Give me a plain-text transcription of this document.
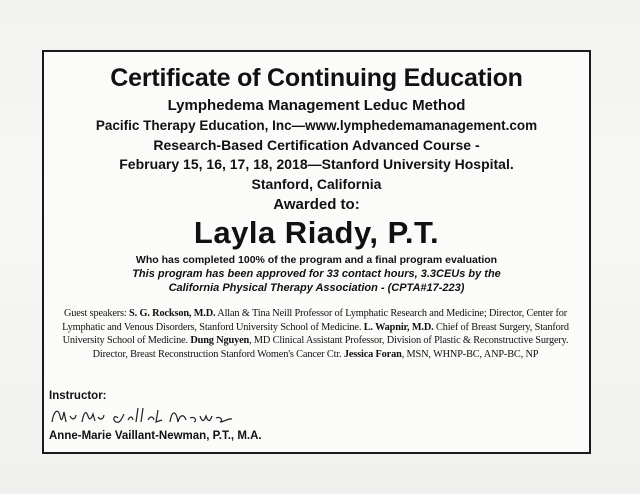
Certificate of Continuing Education
Lymphedema Management Leduc Method
Pacific Therapy Education, Inc—www.lymphedemamanagement.com
Research-Based Certification Advanced Course -
February 15, 16, 17, 18, 2018—Stanford University Hospital.
Stanford, California
Awarded to:
Layla Riady, P.T.
Who has completed 100% of the program and a final program evaluation
This program has been approved for 33 contact hours, 3.3CEUs by the
California Physical Therapy Association - (CPTA#17-223)
Guest speakers: S. G. Rockson, M.D. Allan & Tina Neill Professor of Lymphatic Research and Medicine; Director, Center for Lymphatic and Venous Disorders, Stanford University School of Medicine. L. Wapnir, M.D. Chief of Breast Surgery, Stanford University School of Medicine. Dung Nguyen, MD Clinical Assistant Professor, Division of Plastic & Reconstructive Surgery. Director, Breast Reconstruction Stanford Women's Cancer Ctr. Jessica Foran, MSN, WHNP-BC, ANP-BC, NP
Instructor:
Anne-Marie Vaillant-Newman, P.T., M.A.
